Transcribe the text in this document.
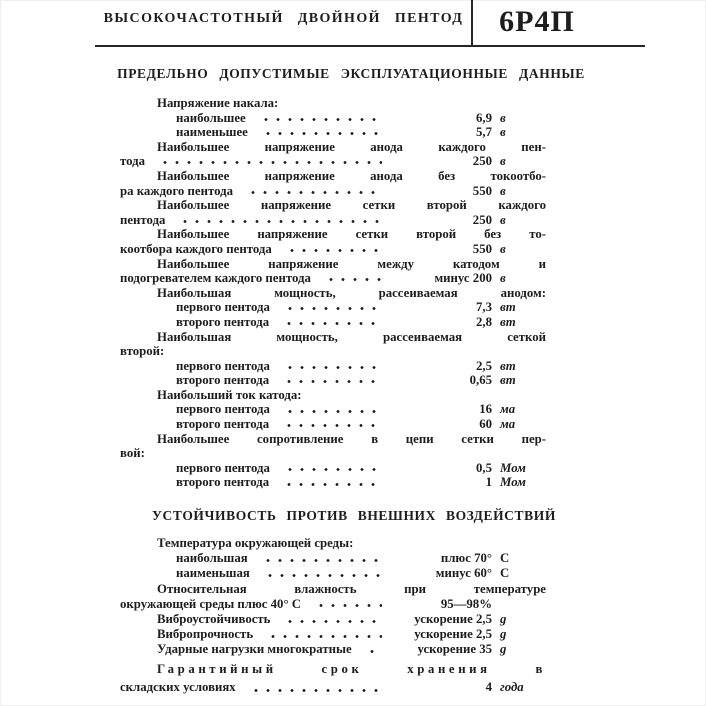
ВЫСОКОЧАСТОТНЫЙ ДВОЙНОЙ ПЕНТОД	6Р4П
ПРЕДЕЛЬНО ДОПУСТИМЫЕ ЭКСПЛУАТАЦИОННЫЕ ДАННЫЕ
Напряжение накала:
наибольшее	6,9 в
наименьшее	5,7 в
Наибольшее напряжение анода каждого пен-
тода	250 в
Наибольшее напряжение анода без токоотбо-
ра каждого пентода	550 в
Наибольшее напряжение сетки второй каждого
пентода	250 в
Наибольшее напряжение сетки второй без то-
коотбора каждого пентода	550 в
Наибольшее напряжение между катодом и
подогревателем каждого пентода	минус 200 в
Наибольшая мощность, рассеиваемая анодом:
первого пентода	7,3 вт
второго пентода	2,8 вт
Наибольшая мощность, рассеиваемая сеткой
второй:
первого пентода	2,5 вт
второго пентода	0,65 вт
Наибольший ток катода:
первого пентода	16 ма
второго пентода	60 ма
Наибольшее сопротивление в цепи сетки пер-
вой:
первого пентода	0,5 Мом
второго пентода	1 Мом
УСТОЙЧИВОСТЬ ПРОТИВ ВНЕШНИХ ВОЗДЕЙСТВИЙ
Температура окружающей среды:
наибольшая	плюс 70° C
наименьшая	минус 60° C
Относительная влажность при температуре
окружающей среды плюс 40° C	95—98%
Виброустойчивость	ускорение 2,5 g
Вибропрочность	ускорение 2,5 g
Ударные нагрузки многократные	ускорение 35 g
Гарантийный срок хранения в
складских условиях	4 года
